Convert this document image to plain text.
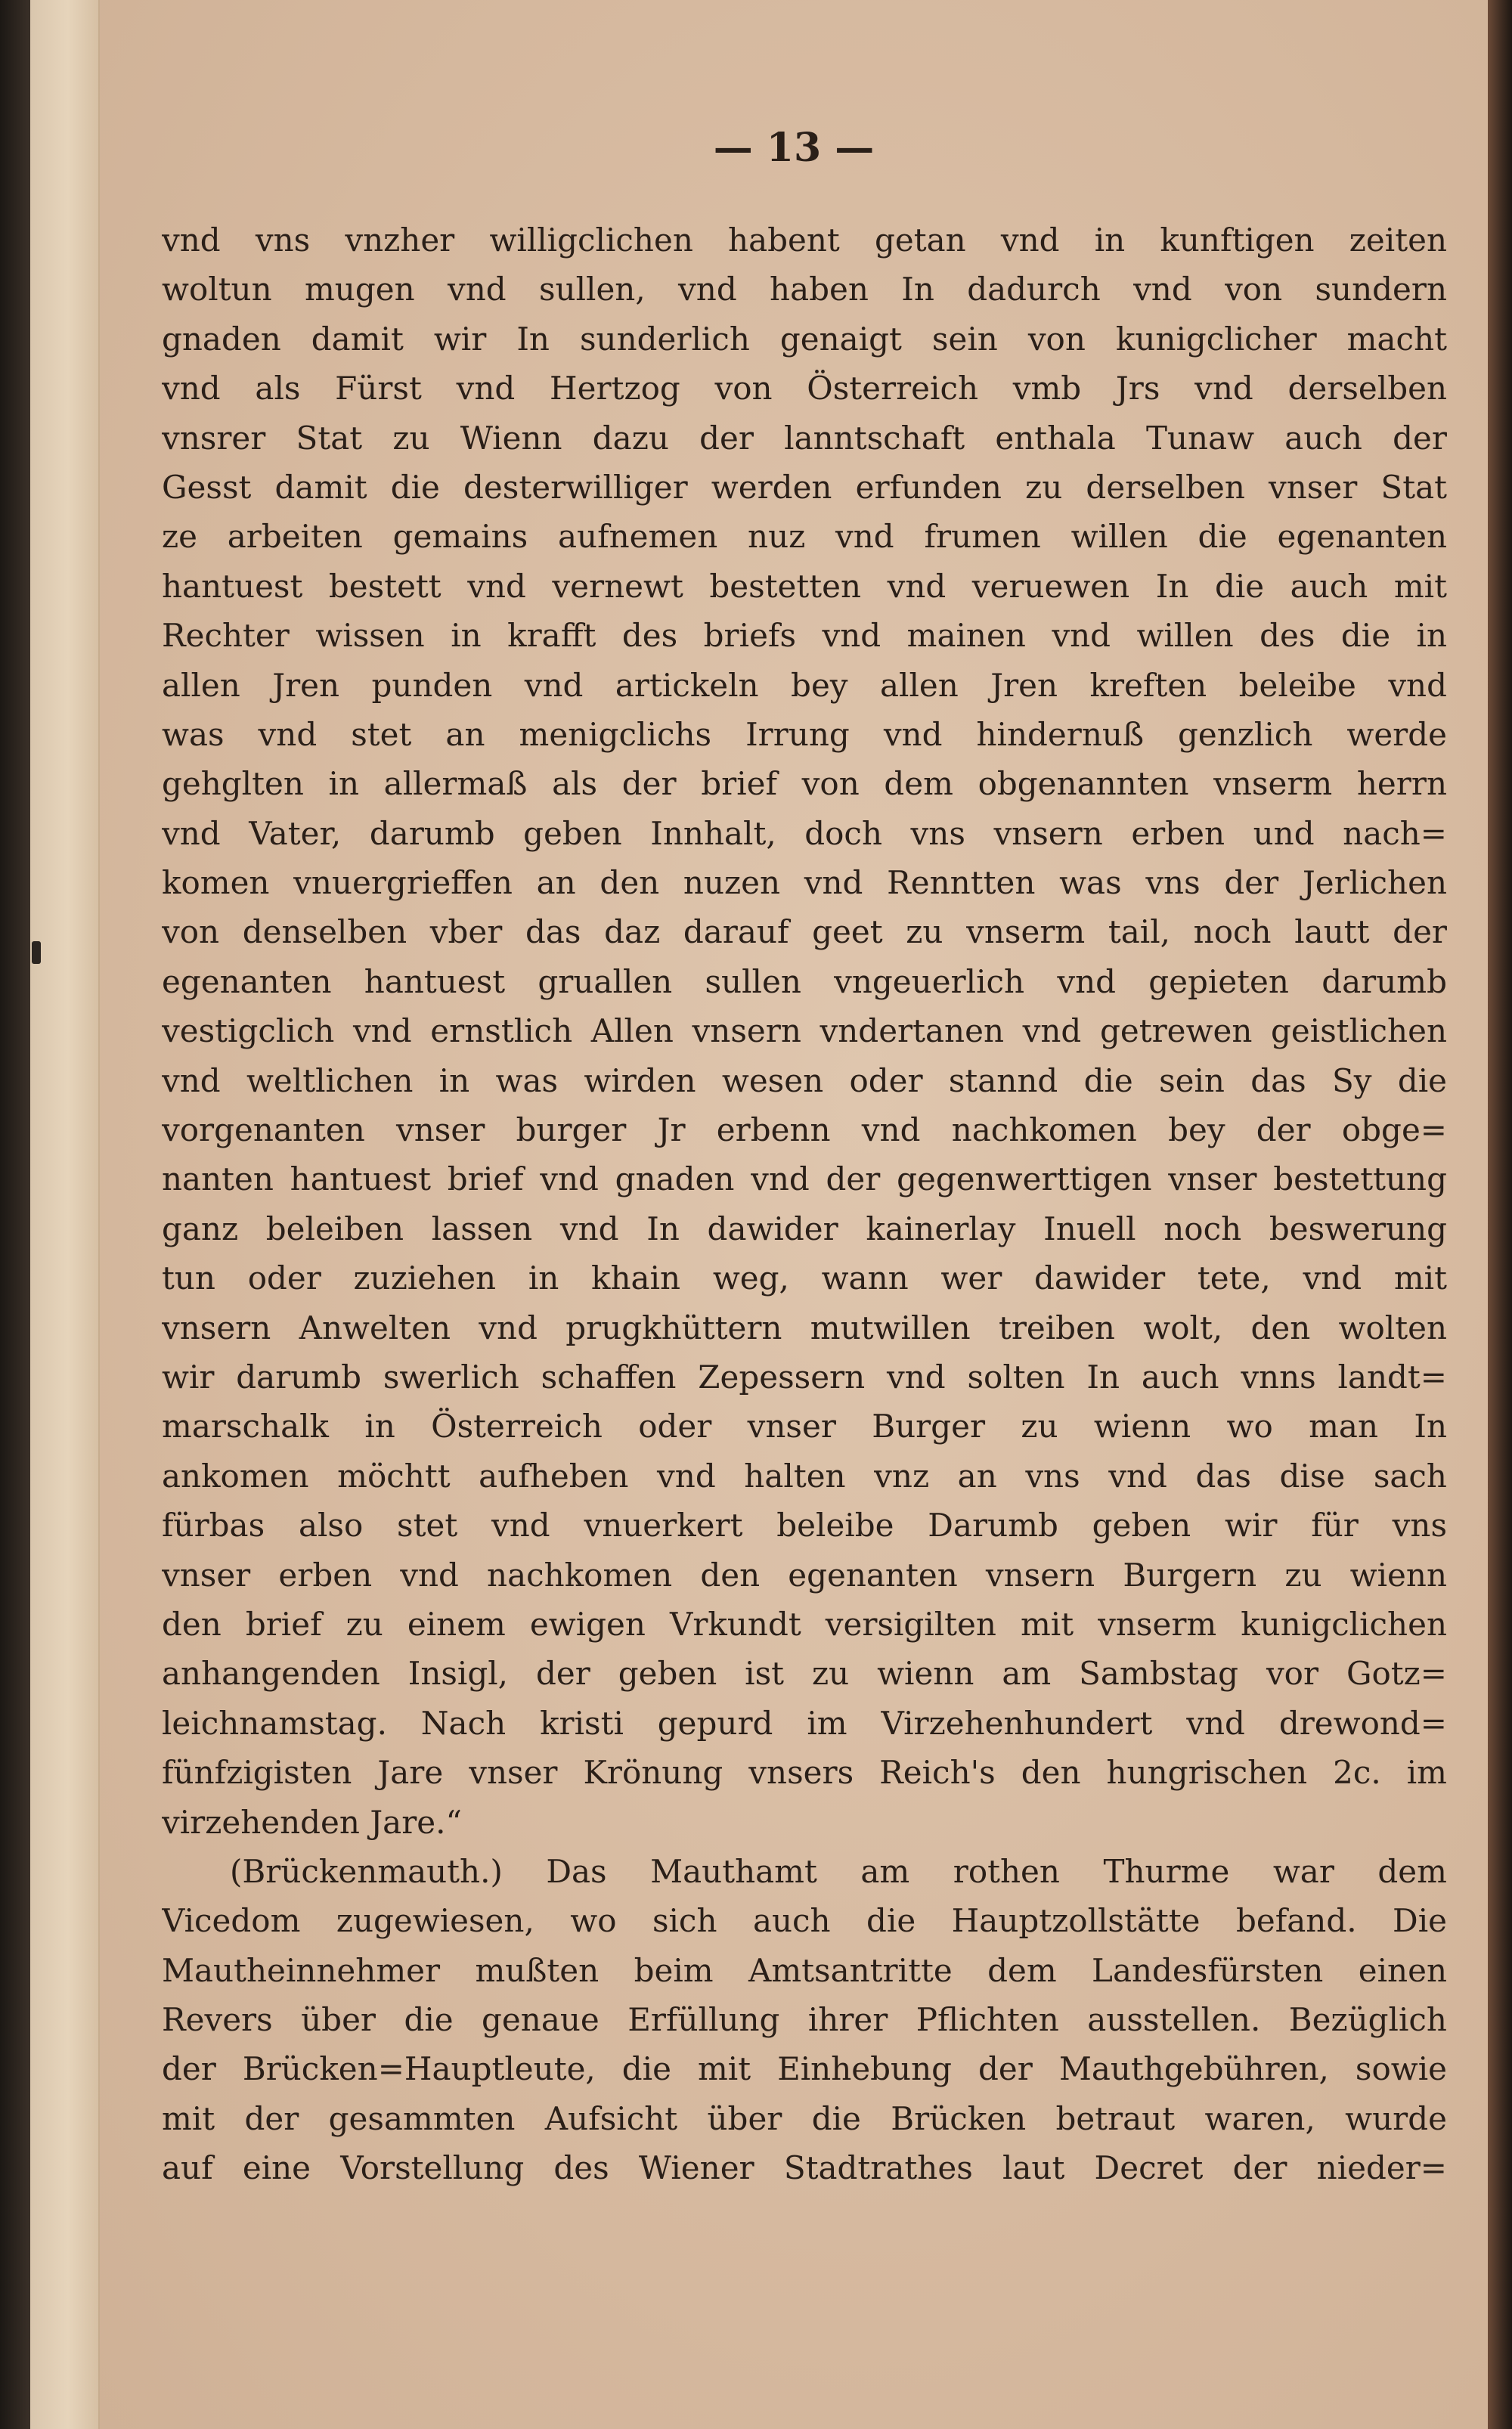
— 13 —

vnd vns vnzher willigclichen habent getan vnd in kunftigen zeiten
woltun mugen vnd sullen, vnd haben In dadurch vnd von sundern
gnaden damit wir In sunderlich genaigt sein von kunigclicher macht
vnd als Fürst vnd Hertzog von Österreich vmb Jrs vnd derselben
vnsrer Stat zu Wienn dazu der lanntschaft enthala Tunaw auch der
Gesst damit die desterwilliger werden erfunden zu derselben vnser Stat
ze arbeiten gemains aufnemen nuz vnd frumen willen die egenanten
hantuest bestett vnd vernewt bestetten vnd veruewen In die auch mit
Rechter wissen in krafft des briefs vnd mainen vnd willen des die in
allen Jren punden vnd artickeln bey allen Jren kreften beleibe vnd
was vnd stet an menigclichs Irrung vnd hindernuß genzlich werde
gehglten in allermaß als der brief von dem obgenannten vnserm herrn
vnd Vater, darumb geben Innhalt, doch vns vnsern erben und nach=
komen vnuergrieffen an den nuzen vnd Renntten was vns der Jerlichen
von denselben vber das daz darauf geet zu vnserm tail, noch lautt der
egenanten hantuest gruallen sullen vngeuerlich vnd gepieten darumb
vestigclich vnd ernstlich Allen vnsern vndertanen vnd getrewen geistlichen
vnd weltlichen in was wirden wesen oder stannd die sein das Sy die
vorgenanten vnser burger Jr erbenn vnd nachkomen bey der obge=
nanten hantuest brief vnd gnaden vnd der gegenwerttigen vnser bestettung
ganz beleiben lassen vnd In dawider kainerlay Inuell noch beswerung
tun oder zuziehen in khain weg, wann wer dawider tete, vnd mit
vnsern Anwelten vnd prugkhüttern mutwillen treiben wolt, den wolten
wir darumb swerlich schaffen Zepessern vnd solten In auch vnns landt=
marschalk in Österreich oder vnser Burger zu wienn wo man In
ankomen möchtt aufheben vnd halten vnz an vns vnd das dise sach
fürbas also stet vnd vnuerkert beleibe Darumb geben wir für vns
vnser erben vnd nachkomen den egenanten vnsern Burgern zu wienn
den brief zu einem ewigen Vrkundt versigilten mit vnserm kunigclichen
anhangenden Insigl, der geben ist zu wienn am Sambstag vor Gotz=
leichnamstag. Nach kristi gepurd im Virzehenhundert vnd drewond=
fünfzigisten Jare vnser Krönung vnsers Reich's den hungrischen 2c. im
virzehenden Jare.“
(Brückenmauth.) Das Mauthamt am rothen Thurme war dem
Vicedom zugewiesen, wo sich auch die Hauptzollstätte befand. Die
Mautheinnehmer mußten beim Amtsantritte dem Landesfürsten einen
Revers über die genaue Erfüllung ihrer Pflichten ausstellen. Bezüglich
der Brücken=Hauptleute, die mit Einhebung der Mauthgebühren, sowie
mit der gesammten Aufsicht über die Brücken betraut waren, wurde
auf eine Vorstellung des Wiener Stadtrathes laut Decret der nieder=
